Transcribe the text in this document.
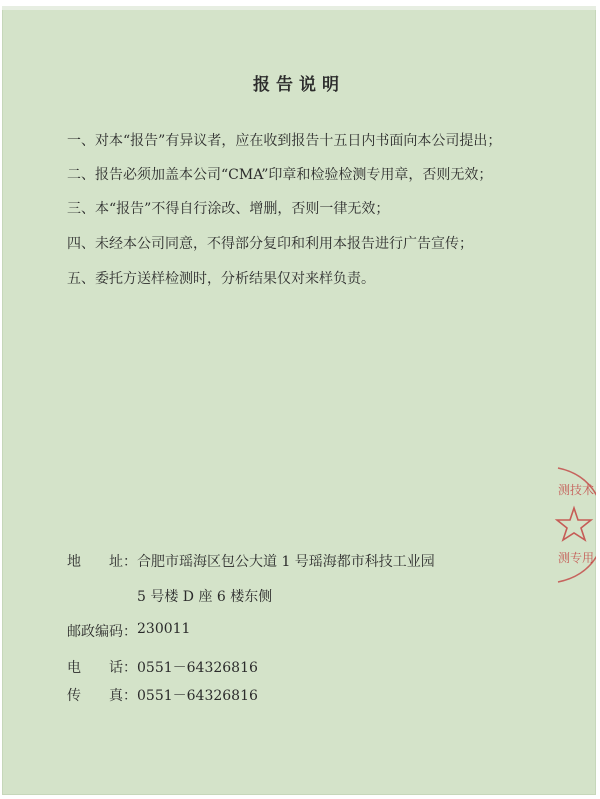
报告说明
一、对本“报告”有异议者，应在收到报告十五日内书面向本公司提出；
二、报告必须加盖本公司“CMA”印章和检验检测专用章，否则无效；
三、本“报告”不得自行涂改、增删，否则一律无效；
四、未经本公司同意，不得部分复印和利用本报告进行广告宣传；
五、委托方送样检测时，分析结果仅对来样负责。
地　　址： 合肥市瑶海区包公大道 1 号瑶海都市科技工业园
5 号楼 D 座 6 楼东侧
邮政编码： 230011
电　　话： 0551－64326816
传　　真： 0551－64326816
测技术
测专用
